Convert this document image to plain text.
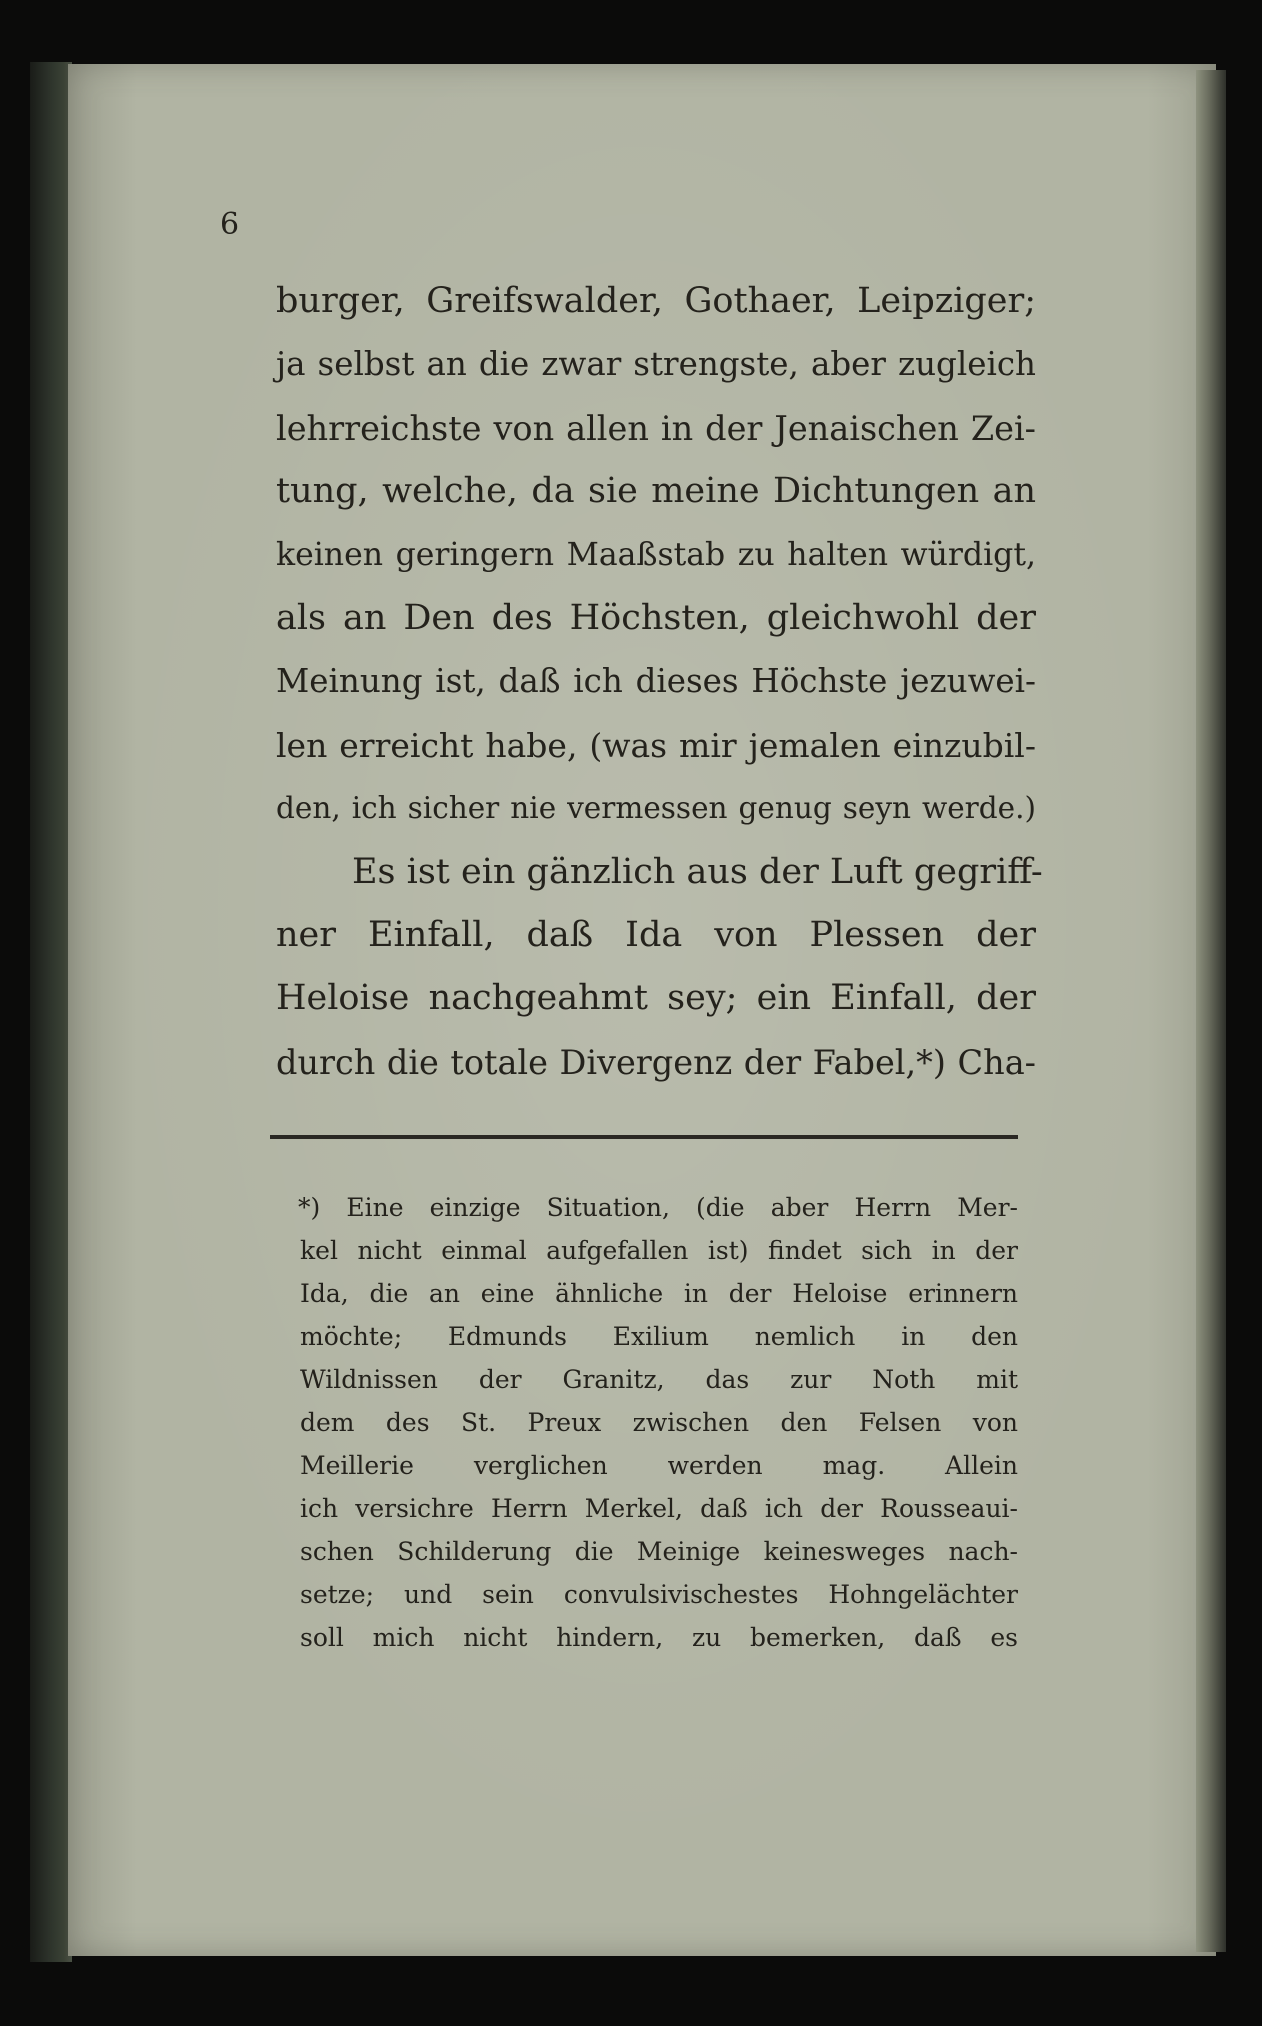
6
burger, Greifswalder, Gothaer, Leipziger;
ja selbst an die zwar strengste, aber zugleich
lehrreichste von allen in der Jenaischen Zei-
tung, welche, da sie meine Dichtungen an
keinen geringern Maaßstab zu halten würdigt,
als an Den des Höchsten, gleichwohl der
Meinung ist, daß ich dieses Höchste jezuwei-
len erreicht habe, (was mir jemalen einzubil-
den, ich sicher nie vermessen genug seyn werde.)
Es ist ein gänzlich aus der Luft gegriff-
ner Einfall, daß Ida von Plessen der
Heloise nachgeahmt sey; ein Einfall, der
durch die totale Divergenz der Fabel,*) Cha-
*) Eine einzige Situation, (die aber Herrn Mer-
kel nicht einmal aufgefallen ist) findet sich in der
Ida, die an eine ähnliche in der Heloise erinnern
möchte; Edmunds Exilium nemlich in den
Wildnissen der Granitz, das zur Noth mit
dem des St. Preux zwischen den Felsen von
Meillerie verglichen werden mag. Allein
ich versichre Herrn Merkel, daß ich der Rousseaui-
schen Schilderung die Meinige keinesweges nach-
setze; und sein convulsivischestes Hohngelächter
soll mich nicht hindern, zu bemerken, daß es
